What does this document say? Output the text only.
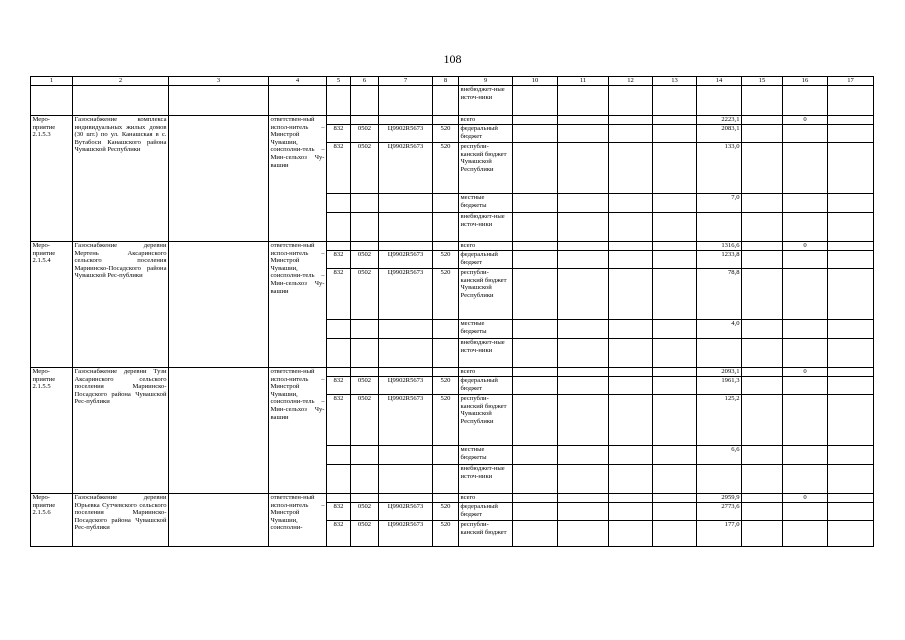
108
1	2	3	4	5	6	7	8	9	10	11	12	13	14	15	16	17
								внебюджет-ные источ-ники								
Меро-приятие 2.1.5.3	Газоснабжение комплекса индивидуальных жилых домов (30 шт.) по ул. Канашская в с. Вутабоси Канашского района Чувашской Республики		ответствен-ный испол-нитель – Минстрой Чувашии, соисполни-тель – Мин-сельхоз Чу-вашии					всего					2223,1		0	
				832	0502	Ц9902R5673	520	федеральный бюджет					2083,1			
				832	0502	Ц9902R5673	520	республи-канский бюджет Чувашской Республики					133,0			
								местные бюджеты					7,0			
								внебюджет-ные источ-ники								
Меро-приятие 2.1.5.4	Газоснабжение деревни Мертень Аксаринского сельского поселения Мариинско-Посадского района Чувашской Рес-публики		ответствен-ный испол-нитель – Минстрой Чувашии, соисполни-тель – Мин-сельхоз Чу-вашии					всего					1316,6		0	
				832	0502	Ц9902R5673	520	федеральный бюджет					1233,8			
				832	0502	Ц9902R5673	520	республи-канский бюджет Чувашской Республики					78,8			
								местные бюджеты					4,0			
								внебюджет-ные источ-ники								
Меро-приятие 2.1.5.5	Газоснабжение деревни Тузи Аксаринского сельского поселения Мариинско-Посадского района Чувашской Рес-публики		ответствен-ный испол-нитель – Минстрой Чувашии, соисполни-тель – Мин-сельхоз Чу-вашии					всего					2093,1		0	
				832	0502	Ц9902R5673	520	федеральный бюджет					1961,3			
				832	0502	Ц9902R5673	520	республи-канский бюджет Чувашской Республики					125,2			
								местные бюджеты					6,6			
								внебюджет-ные источ-ники								
Меро-приятие 2.1.5.6	Газоснабжение деревни Юрьевка Сутчевского сельского поселения Мариинско-Посадского района Чувашской Рес-публики		ответствен-ный испол-нитель – Минстрой Чувашии, соисполни-					всего					2959,9		0	
				832	0502	Ц9902R5673	520	федеральный бюджет					2773,6			
				832	0502	Ц9902R5673	520	республи-канский бюджет					177,0			
